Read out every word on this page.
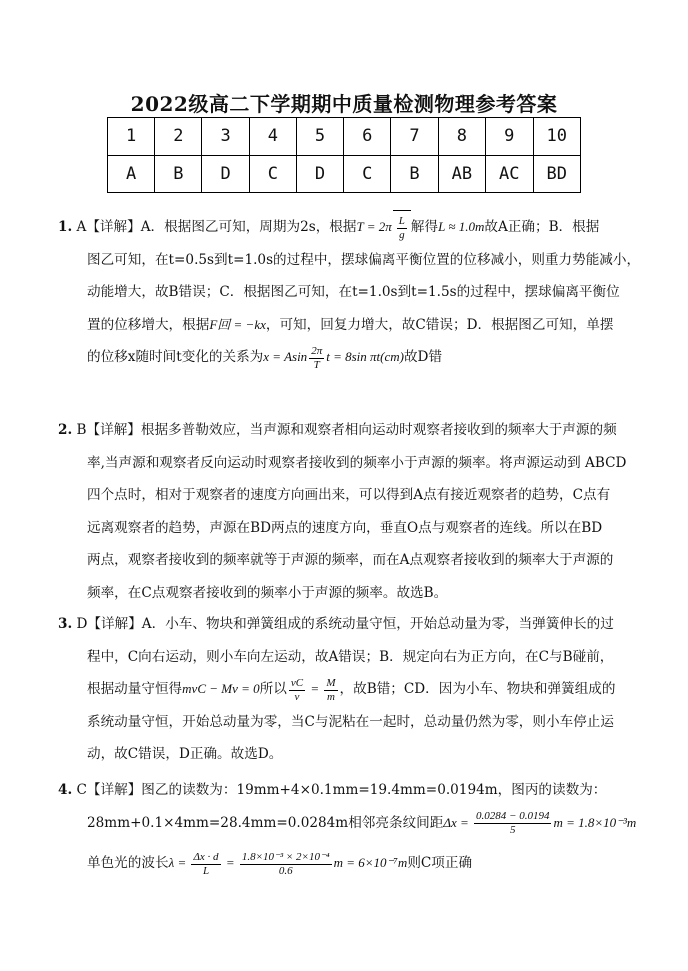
2022级高二下学期期中质量检测物理参考答案
1	2	3	4	5	6	7	8	9	10
A	B	D	C	D	C	B	AB	AC	BD

1. A【详解】A．根据图乙可知，周期为2s，根据$T = 2\pi \frac{L}{g}$ 解得L ≈ 1.0m故A正确；B．根据

图乙可知，在t=0.5s到t=1.0s的过程中，摆球偏离平衡位置的位移减小，则重力势能减小，

动能增大，故B错误；C．根据图乙可知，在t=1.0s到t=1.5s的过程中，摆球偏离平衡位

置的位移增大，根据F回 = −kx，可知，回复力增大，故C错误；D．根据图乙可知，单摆

的位移x随时间t变化的关系为x = Asin $\frac{2\pi}{T}$ t = 8sin πt(cm)故D错

2. B【详解】根据多普勒效应，当声源和观察者相向运动时观察者接收到的频率大于声源的频

率,当声源和观察者反向运动时观察者接收到的频率小于声源的频率。将声源运动到 ABCD

四个点时，相对于观察者的速度方向画出来，可以得到A点有接近观察者的趋势，C点有

远离观察者的趋势，声源在BD两点的速度方向，垂直O点与观察者的连线。所以在BD

两点，观察者接收到的频率就等于声源的频率，而在A点观察者接收到的频率大于声源的

频率，在C点观察者接收到的频率小于声源的频率。故选B。

3. D【详解】A．小车、物块和弹簧组成的系统动量守恒，开始总动量为零，当弹簧伸长的过

程中，C向右运动，则小车向左运动，故A错误；B．规定向右为正方向，在C与B碰前，

根据动量守恒得mvC − Mv = 0所以 $\frac{vC}{v} = \frac{M}{m}$ ，故B错；CD．因为小车、物块和弹簧组成的

系统动量守恒，开始总动量为零，当C与泥粘在一起时，总动量仍然为零，则小车停止运

动，故C错误，D正确。故选D。

4. C【详解】图乙的读数为：19mm+4×0.1mm=19.4mm=0.0194m，图丙的读数为：

28mm+0.1×4mm=28.4mm=0.0284m相邻亮条纹间距$\Delta x = \frac{0.0284 - 0.0194}{5}$ m = 1.8×10⁻³m

单色光的波长$\lambda = \frac{\Delta x \cdot d}{L} = \frac{\text{1.8×10⁻³ × 2×10⁻⁴}}{0.6}$ m = 6×10⁻⁷m则C项正确
